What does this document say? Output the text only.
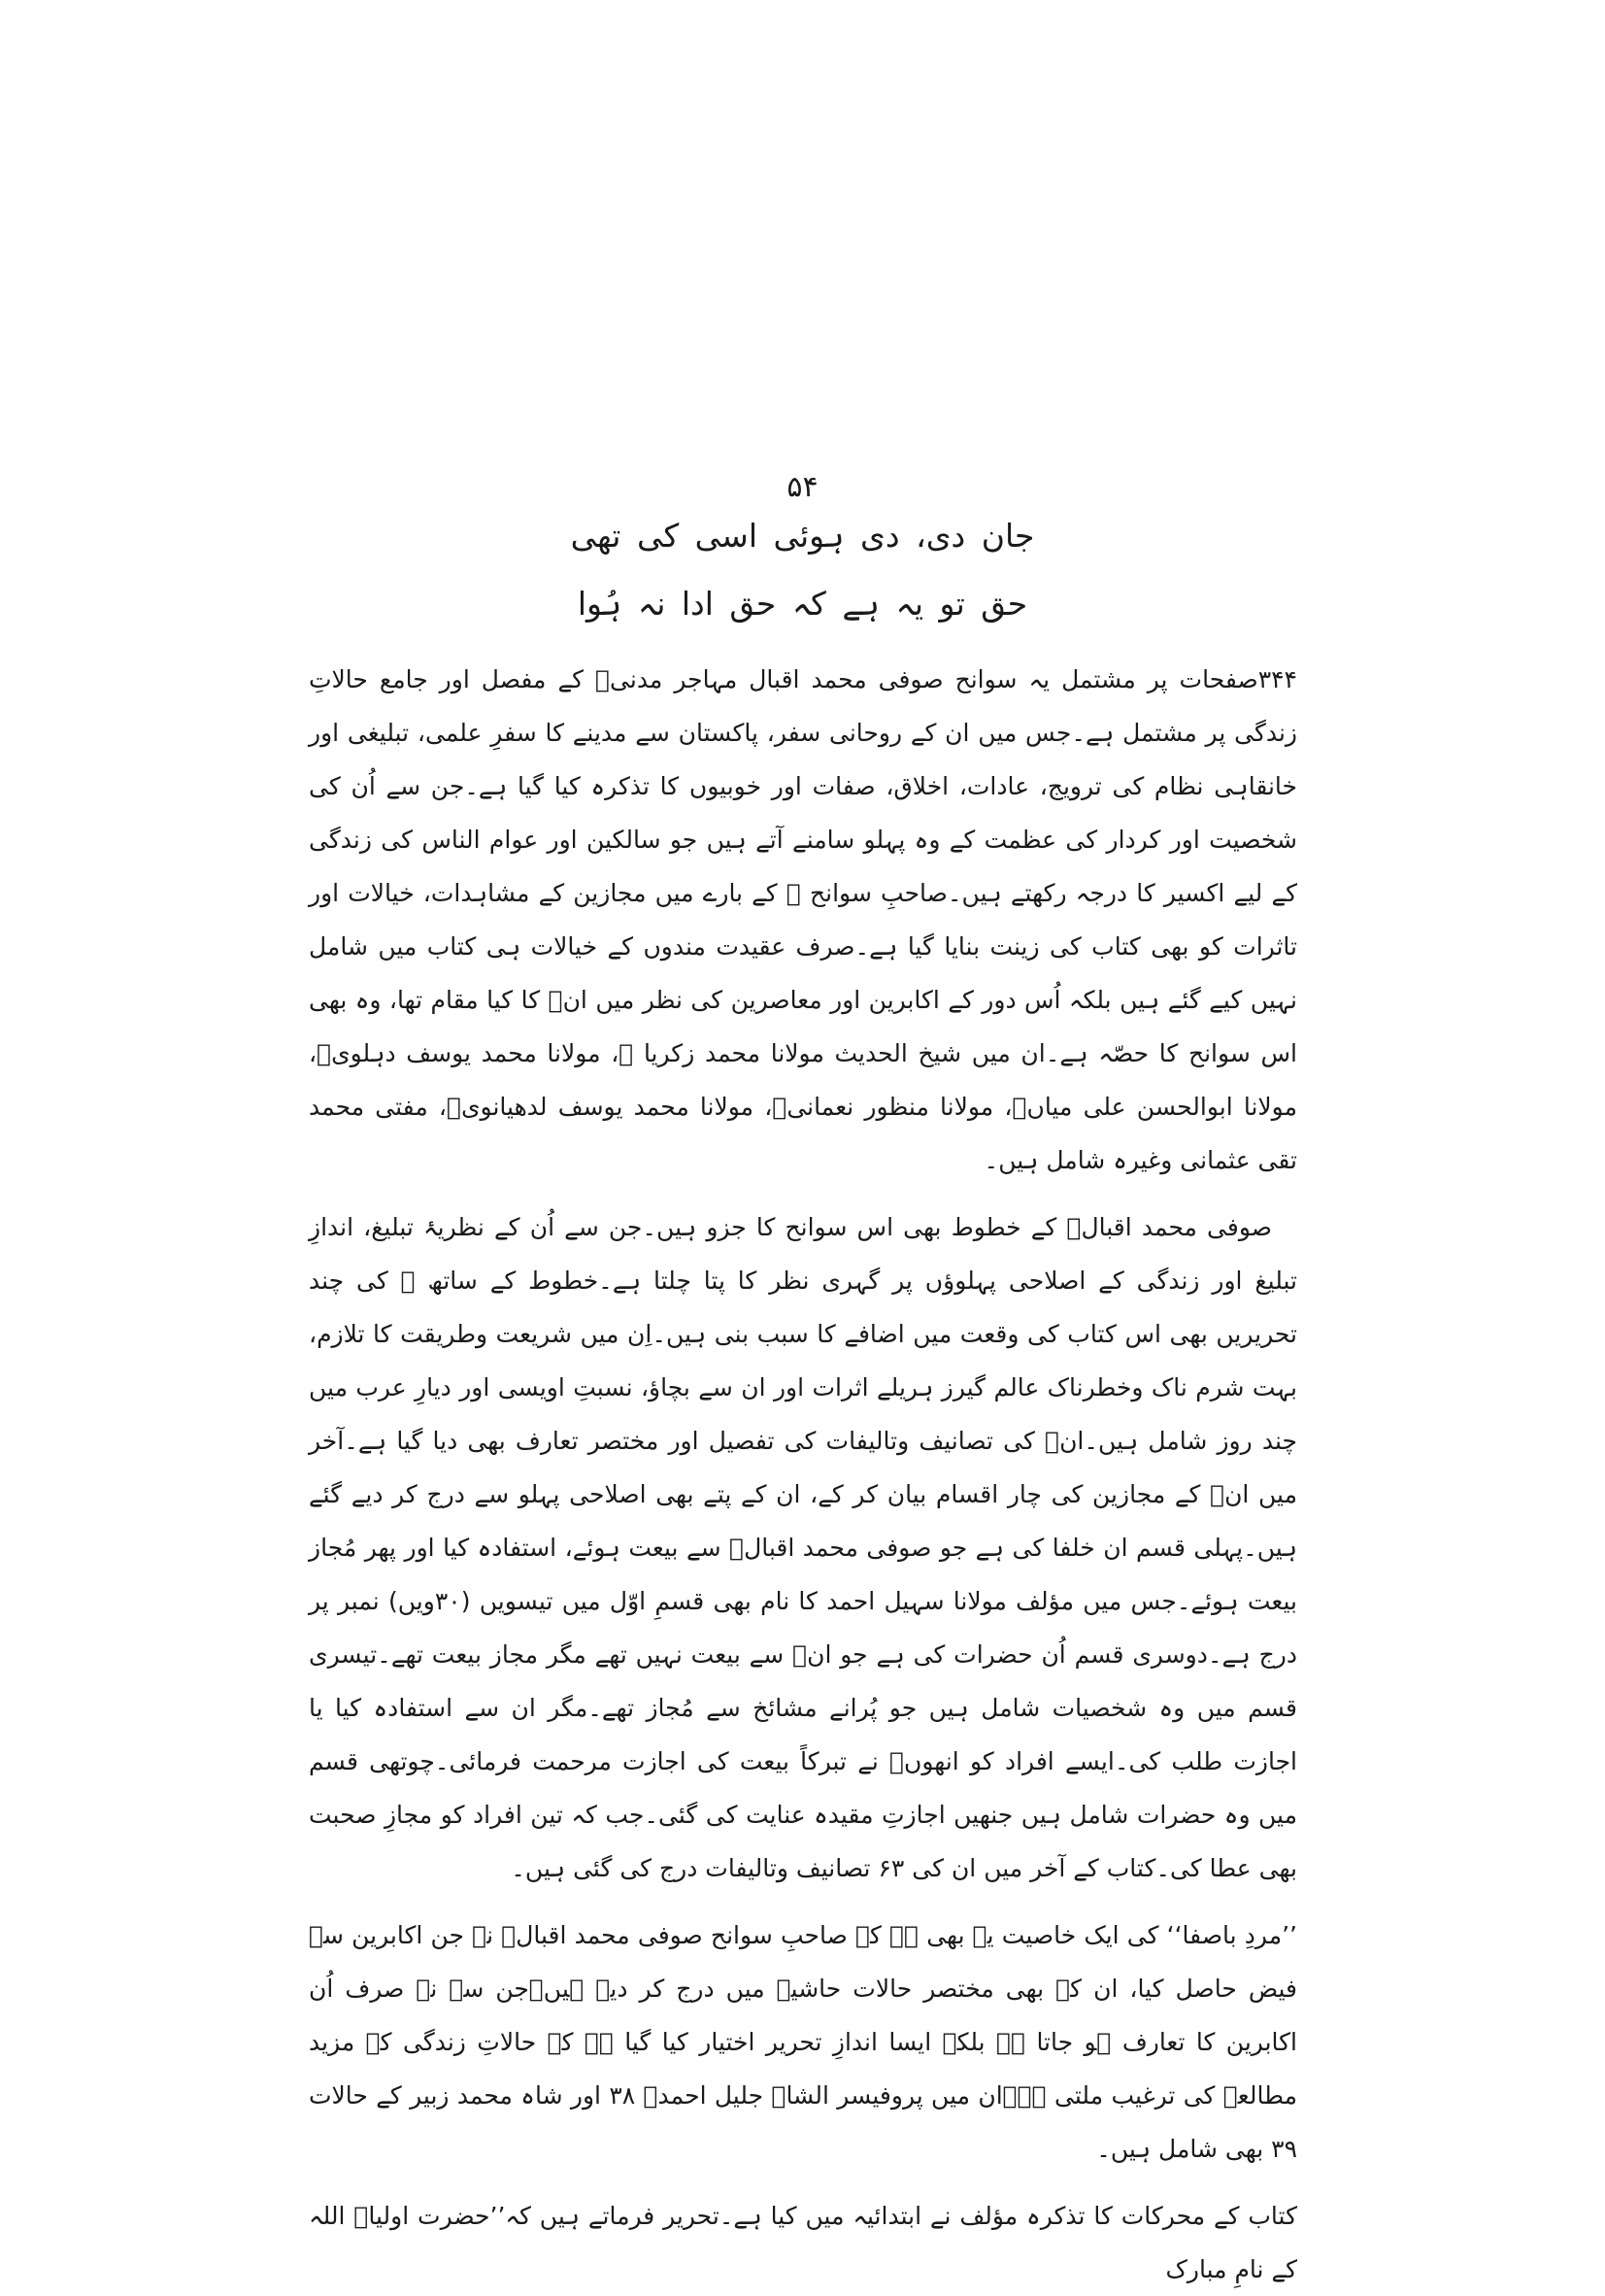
۵۴
جان دی، دی ہوئی اسی کی تھی
حق تو یہ ہے کہ حق ادا نہ ہُوا

۳۴۴صفحات پر مشتمل یہ سوانح صوفی محمد اقبال مہاجر مدنیؒ کے مفصل اور جامع حالاتِ زندگی پر مشتمل ہے۔جس میں ان کے روحانی سفر، پاکستان سے مدینے کا سفرِ علمی، تبلیغی اور خانقاہی نظام کی ترویج، عادات، اخلاق، صفات اور خوبیوں کا تذکرہ کیا گیا ہے۔جن سے اُن کی شخصیت اور کردار کی عظمت کے وہ پہلو سامنے آتے ہیں جو سالکین اور عوام الناس کی زندگی کے لیے اکسیر کا درجہ رکھتے ہیں۔صاحبِ سوانح ؒ کے بارے میں مجازین کے مشاہدات، خیالات اور تاثرات کو بھی کتاب کی زینت بنایا گیا ہے۔صرف عقیدت مندوں کے خیالات ہی کتاب میں شامل نہیں کیے گئے ہیں بلکہ اُس دور کے اکابرین اور معاصرین کی نظر میں انؒ کا کیا مقام تھا، وہ بھی اس سوانح کا حصّہ ہے۔ان میں شیخ الحدیث مولانا محمد زکریا ؒ، مولانا محمد یوسف دہلویؒ، مولانا ابوالحسن علی میاںؒ، مولانا منظور نعمانیؒ، مولانا محمد یوسف لدھیانویؒ، مفتی محمد تقی عثمانی وغیرہ شامل ہیں۔

صوفی محمد اقبالؒ کے خطوط بھی اس سوانح کا جزو ہیں۔جن سے اُن کے نظریۂ تبلیغ، اندازِ تبلیغ اور زندگی کے اصلاحی پہلوؤں پر گہری نظر کا پتا چلتا ہے۔خطوط کے ساتھ ؒ کی چند تحریریں بھی اس کتاب کی وقعت میں اضافے کا سبب بنی ہیں۔اِن میں شریعت وطریقت کا تلازم، بہت شرم ناک وخطرناک عالم گیرز ہریلے اثرات اور ان سے بچاؤ، نسبتِ اویسی اور دیارِ عرب میں چند روز شامل ہیں۔انؒ کی تصانیف وتالیفات کی تفصیل اور مختصر تعارف بھی دیا گیا ہے۔آخر میں انؒ کے مجازین کی چار اقسام بیان کر کے، ان کے پتے بھی اصلاحی پہلو سے درج کر دیے گئے ہیں۔پہلی قسم ان خلفا کی ہے جو صوفی محمد اقبالؒ سے بیعت ہوئے، استفادہ کیا اور پھر مُجاز بیعت ہوئے۔جس میں مؤلف مولانا سہیل احمد کا نام بھی قسمِ اوّل میں تیسویں (۳۰ویں) نمبر پر درج ہے۔دوسری قسم اُن حضرات کی ہے جو انؒ سے بیعت نہیں تھے مگر مجاز بیعت تھے۔تیسری قسم میں وہ شخصیات شامل ہیں جو پُرانے مشائخ سے مُجاز تھے۔مگر ان سے استفادہ کیا یا اجازت طلب کی۔ایسے افراد کو انھوںؒ نے تبرکاً بیعت کی اجازت مرحمت فرمائی۔چوتھی قسم میں وہ حضرات شامل ہیں جنھیں اجازتِ مقیدہ عنایت کی گئی۔جب کہ تین افراد کو مجازِ صحبت بھی عطا کی۔کتاب کے آخر میں ان کی ۶۳ تصانیف وتالیفات درج کی گئی ہیں۔

’’مردِ باصفا‘‘ کی ایک خاصیت یہ بھی ہے کہ صاحبِ سوانح صوفی محمد اقبالؒ نے جن اکابرین سے فیض حاصل کیا، ان کے بھی مختصر حالات حاشیے میں درج کر دیے ہیں۔جن سے نہ صرف اُن اکابرین کا تعارف ہو جاتا ہے بلکہ ایسا اندازِ تحریر اختیار کیا گیا ہے کہ حالاتِ زندگی کے مزید مطالعے کی ترغیب ملتی ہے۔ان میں پروفیسر الشاہ جلیل احمدؒ ۳۸ اور شاہ محمد زبیر کے حالات ۳۹ بھی شامل ہیں۔

کتاب کے محرکات کا تذکرہ مؤلف نے ابتدائیہ میں کیا ہے۔تحریر فرماتے ہیں کہ’’حضرت اولیاؒ اللہ کے نامِ مبارک
